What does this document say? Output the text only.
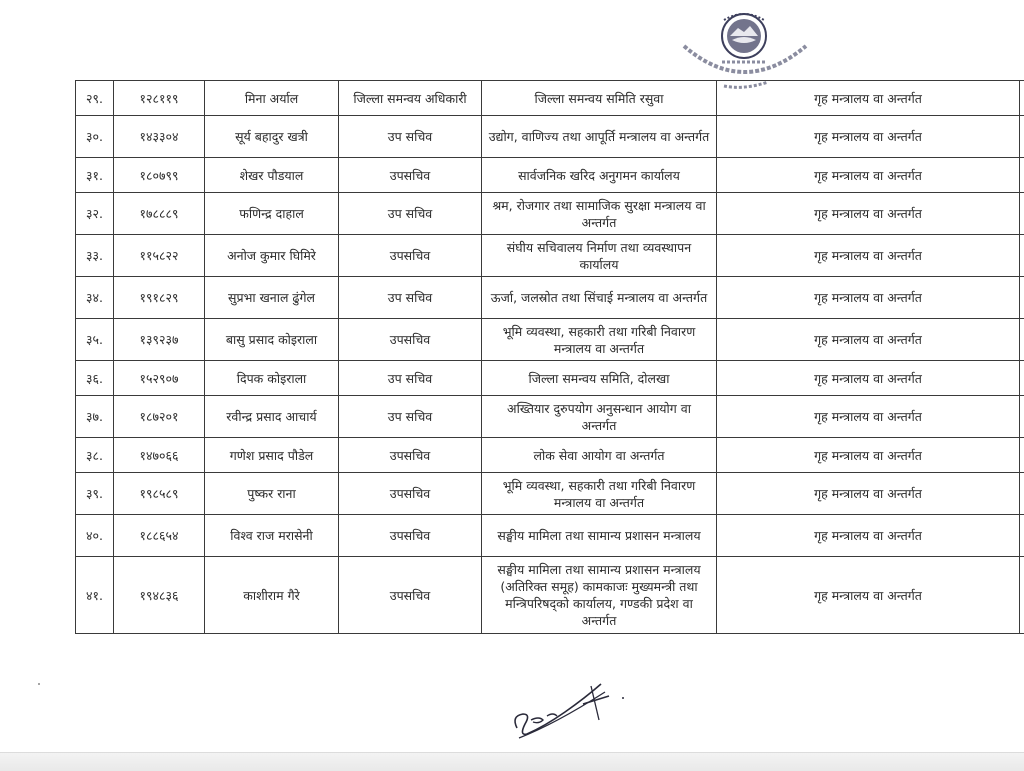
२९.	१२८११९	मिना अर्याल	जिल्ला समन्वय अधिकारी	जिल्ला समन्वय समिति रसुवा	गृह मन्त्रालय वा अन्तर्गत	
३०.	१४३३०४	सूर्य बहादुर खत्री	उप सचिव	उद्योग, वाणिज्य तथा आपूर्ति मन्त्रालय वा अन्तर्गत	गृह मन्त्रालय वा अन्तर्गत	
३१.	१८०७९९	शेखर पौडयाल	उपसचिव	सार्वजनिक खरिद अनुगमन कार्यालय	गृह मन्त्रालय वा अन्तर्गत	
३२.	१७८८८९	फणिन्द्र दाहाल	उप सचिव	श्रम, रोजगार तथा सामाजिक सुरक्षा मन्त्रालय वा अन्तर्गत	गृह मन्त्रालय वा अन्तर्गत	
३३.	११५८२२	अनोज कुमार घिमिरे	उपसचिव	संघीय सचिवालय निर्माण तथा व्यवस्थापन कार्यालय	गृह मन्त्रालय वा अन्तर्गत	
३४.	१९१८२९	सुप्रभा खनाल ढुंगेल	उप सचिव	ऊर्जा, जलस्रोत तथा सिंचाई मन्त्रालय वा अन्तर्गत	गृह मन्त्रालय वा अन्तर्गत	
३५.	१३९२३७	बासु प्रसाद कोइराला	उपसचिव	भूमि व्यवस्था, सहकारी तथा गरिबी निवारण मन्त्रालय वा अन्तर्गत	गृह मन्त्रालय वा अन्तर्गत	
३६.	१५२९०७	दिपक कोइराला	उप सचिव	जिल्ला समन्वय समिति, दोलखा	गृह मन्त्रालय वा अन्तर्गत	
३७.	१८७२०१	रवीन्द्र प्रसाद आचार्य	उप सचिव	अख्तियार दुरुपयोग अनुसन्धान आयोग वा अन्तर्गत	गृह मन्त्रालय वा अन्तर्गत	
३८.	१४७०६६	गणेश प्रसाद पौडेल	उपसचिव	लोक सेवा आयोग वा अन्तर्गत	गृह मन्त्रालय वा अन्तर्गत	
३९.	१९८५८९	पुष्कर राना	उपसचिव	भूमि व्यवस्था, सहकारी तथा गरिबी निवारण मन्त्रालय वा अन्तर्गत	गृह मन्त्रालय वा अन्तर्गत	
४०.	१८८६५४	विश्व राज मरासेनी	उपसचिव	सङ्घीय मामिला तथा सामान्य प्रशासन मन्त्रालय	गृह मन्त्रालय वा अन्तर्गत	
४१.	१९४८३६	काशीराम गैरे	उपसचिव	सङ्घीय मामिला तथा सामान्य प्रशासन मन्त्रालय (अतिरिक्त समूह) कामकाजः मुख्यमन्त्री तथा मन्त्रिपरिषद्को कार्यालय, गण्डकी प्रदेश वा अन्तर्गत	गृह मन्त्रालय वा अन्तर्गत	
